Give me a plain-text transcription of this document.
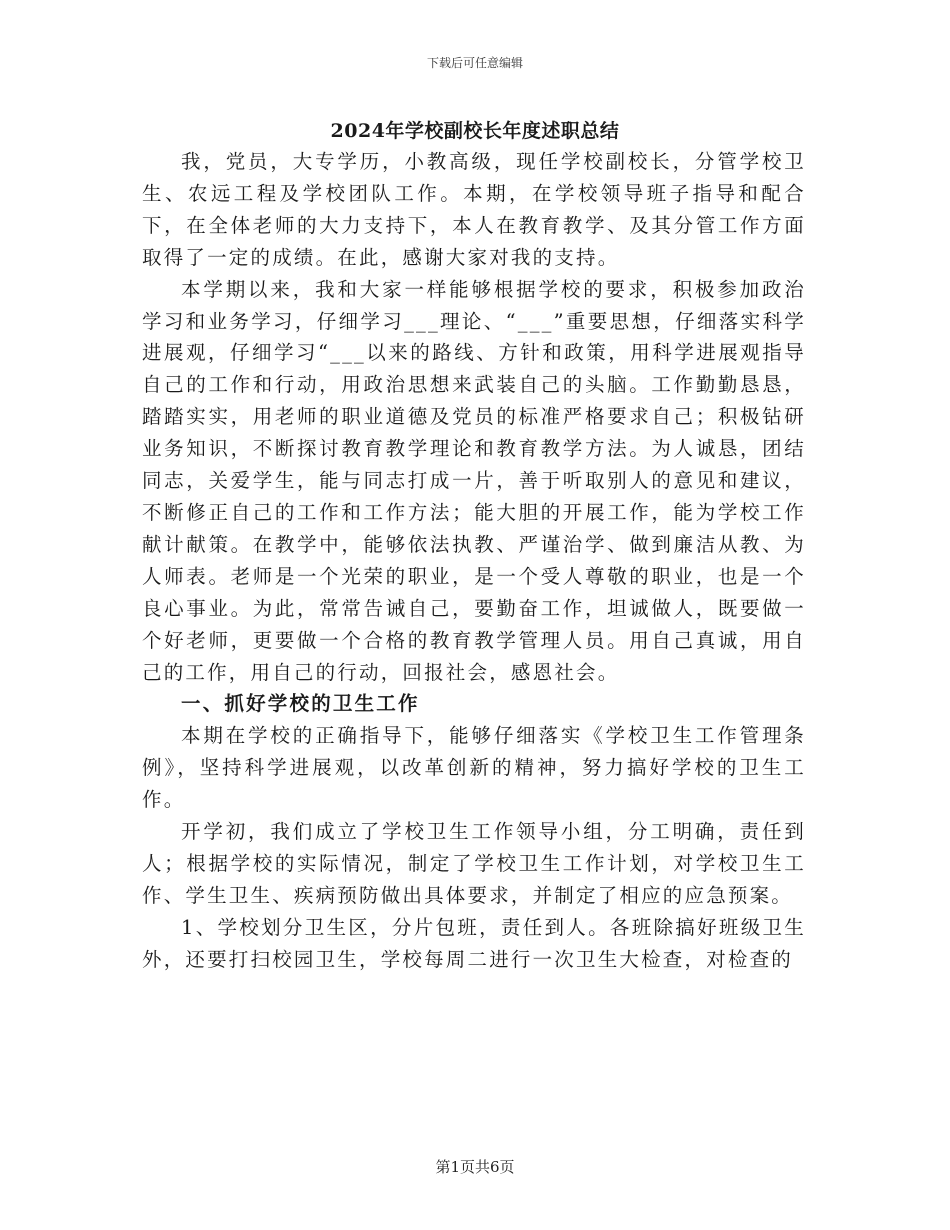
下载后可任意编辑
2024年学校副校长年度述职总结

我，党员，大专学历，小教高级，现任学校副校长，分管学校卫生、农远工程及学校团队工作。本期，在学校领导班子指导和配合下，在全体老师的大力支持下，本人在教育教学、及其分管工作方面取得了一定的成绩。在此，感谢大家对我的支持。

本学期以来，我和大家一样能够根据学校的要求，积极参加政治学习和业务学习，仔细学习___理论、“___”重要思想，仔细落实科学进展观，仔细学习“___以来的路线、方针和政策，用科学进展观指导自己的工作和行动，用政治思想来武装自己的头脑。工作勤勤恳恳，踏踏实实，用老师的职业道德及党员的标准严格要求自己；积极钻研业务知识，不断探讨教育教学理论和教育教学方法。为人诚恳，团结同志，关爱学生，能与同志打成一片，善于听取别人的意见和建议，不断修正自己的工作和工作方法；能大胆的开展工作，能为学校工作献计献策。在教学中，能够依法执教、严谨治学、做到廉洁从教、为人师表。老师是一个光荣的职业，是一个受人尊敬的职业，也是一个良心事业。为此，常常告诫自己，要勤奋工作，坦诚做人，既要做一个好老师，更要做一个合格的教育教学管理人员。用自己真诚，用自己的工作，用自己的行动，回报社会，感恩社会。

一、抓好学校的卫生工作

本期在学校的正确指导下，能够仔细落实《学校卫生工作管理条例》，坚持科学进展观，以改革创新的精神，努力搞好学校的卫生工作。

开学初，我们成立了学校卫生工作领导小组，分工明确，责任到人；根据学校的实际情况，制定了学校卫生工作计划，对学校卫生工作、学生卫生、疾病预防做出具体要求，并制定了相应的应急预案。

1、学校划分卫生区，分片包班，责任到人。各班除搞好班级卫生外，还要打扫校园卫生，学校每周二进行一次卫生大检查，对检查的

第1页共6页
